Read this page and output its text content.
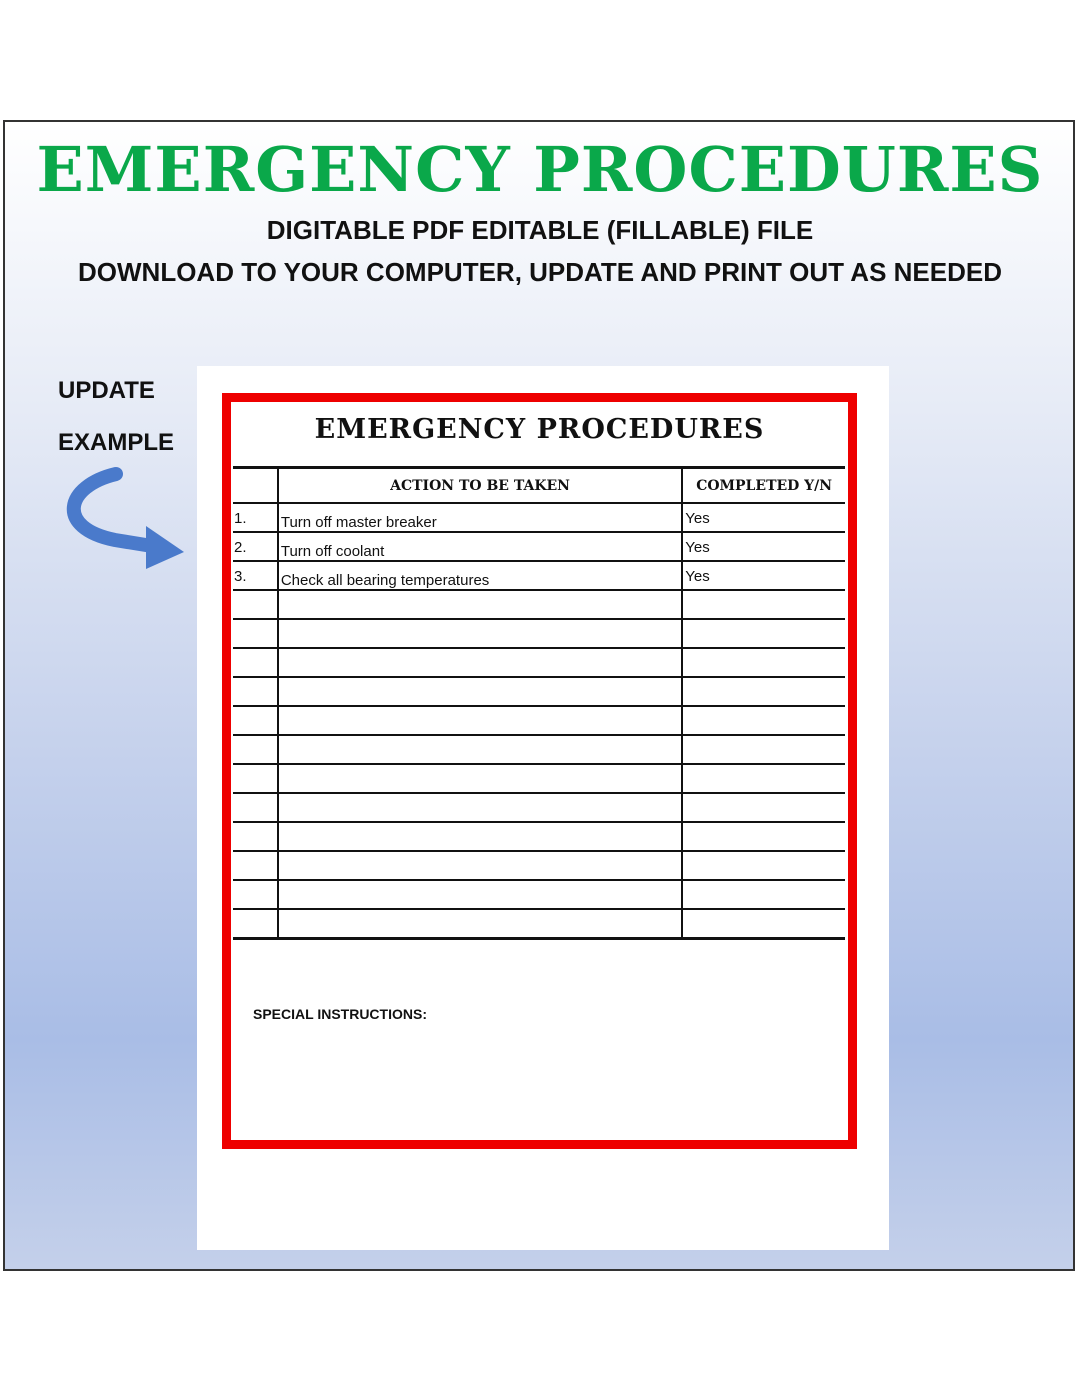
EMERGENCY PROCEDURES
DIGITABLE PDF EDITABLE (FILLABLE) FILE
DOWNLOAD TO YOUR COMPUTER, UPDATE AND PRINT OUT AS NEEDED
UPDATE
EXAMPLE	EMERGENCY PROCEDURES
	ACTION TO BE TAKEN	COMPLETED Y/N

1.	Turn off master breaker	Yes

2.	Turn off coolant	Yes

3.	Check all bearing temperatures	Yes

SPECIAL INSTRUCTIONS:
